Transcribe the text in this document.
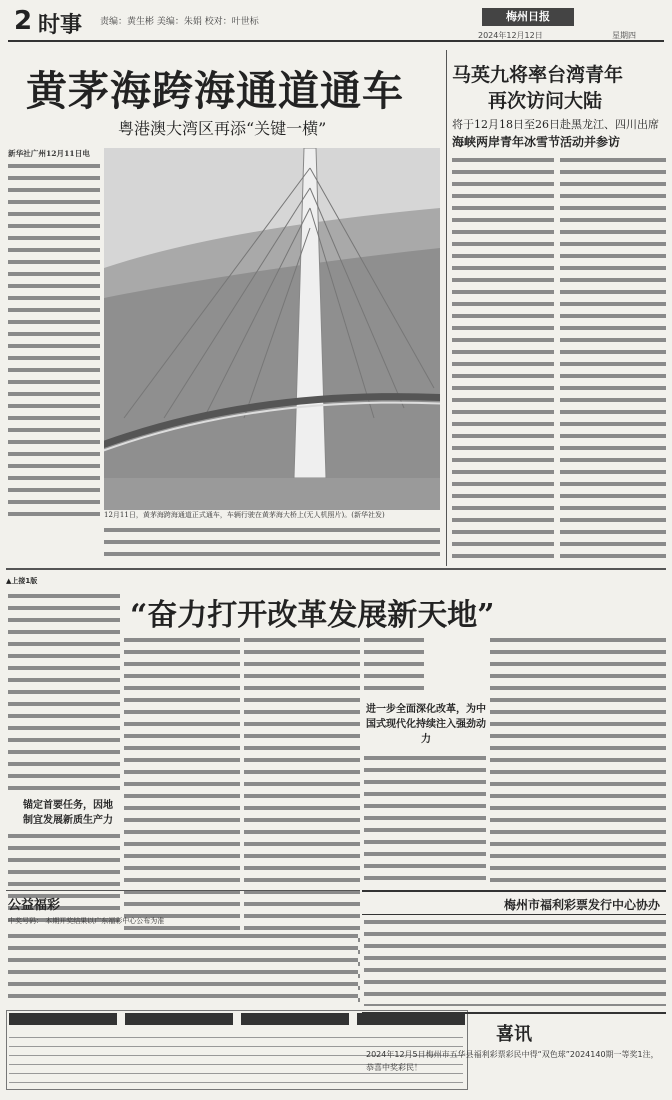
2 时事 责编：黄生彬 美编：朱娟 校对：叶世标	梅州日报
2024年12月12日	星期四
黄茅海跨海通道通车
粤港澳大湾区再添“关键一横”

新华社广州12月11日电

12月11日，黄茅海跨海通道正式通车，车辆行驶在黄茅海大桥上(无人机照片)。(新华社发)
马英九将率台湾青年
再次访问大陆
将于12月18日至26日赴黑龙江、四川出席
海峡两岸青年冰雪节活动并参访
▲上接1版
“奋力打开改革发展新天地”
锚定首要任务，因地制宜发展新质生产力
进一步全面深化改革，为中国式现代化持续注入强劲动力
梅州市福利彩票发行中心协办
公益福彩
中奖号码： 本期开奖结果以广东福彩中心公布为准
喜讯
2024年12月5日梅州市五华县福利彩票彩民中得“双色球”2024140期一等奖1注，恭喜中奖彩民！
